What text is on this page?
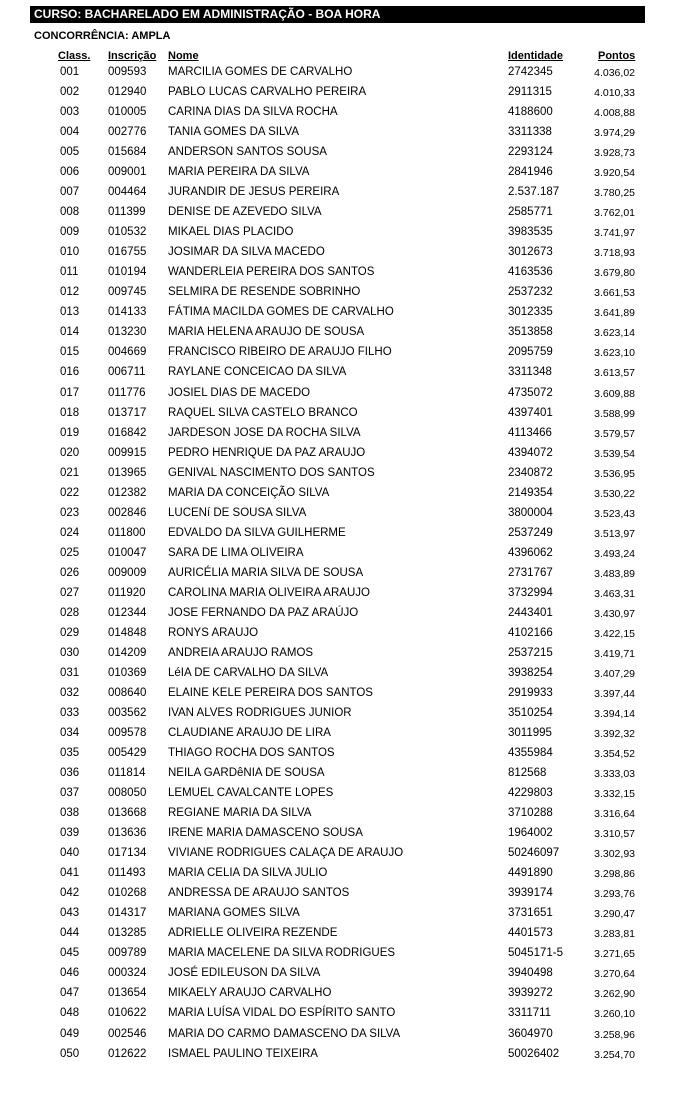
CURSO: BACHARELADO EM ADMINISTRAÇÃO - BOA HORA
CONCORRÊNCIA: AMPLA
Class. Inscrição Nome	Identidade	Pontos
001	009593 MARCILIA GOMES DE CARVALHO	2742345	4.036,02
002	012940 PABLO LUCAS CARVALHO PEREIRA	2911315	4.010,33
003	010005 CARINA DIAS DA SILVA ROCHA	4188600	4.008,88
004	002776 TANIA GOMES DA SILVA	3311338	3.974,29
005	015684 ANDERSON SANTOS SOUSA	2293124	3.928,73
006	009001 MARIA PEREIRA DA SILVA	2841946	3.920,54
007	004464 JURANDIR DE JESUS PEREIRA	2.537.187	3.780,25
008	011399 DENISE DE AZEVEDO SILVA	2585771	3.762,01
009	010532 MIKAEL DIAS PLACIDO	3983535	3.741,97
010	016755 JOSIMAR DA SILVA MACEDO	3012673	3.718,93
011	010194 WANDERLEIA PEREIRA DOS SANTOS	4163536	3.679,80
012	009745 SELMIRA DE RESENDE SOBRINHO	2537232	3.661,53
013	014133 FÁTIMA MACILDA GOMES DE CARVALHO	3012335	3.641,89
014	013230 MARIA HELENA ARAUJO DE SOUSA	3513858	3.623,14
015	004669 FRANCISCO RIBEIRO DE ARAUJO FILHO	2095759	3.623,10
016	006711 RAYLANE CONCEICAO DA SILVA	3311348	3.613,57
017	011776 JOSIEL DIAS DE MACEDO	4735072	3.609,88
018	013717 RAQUEL SILVA CASTELO BRANCO	4397401	3.588,99
019	016842 JARDESON JOSE DA ROCHA SILVA	4113466	3.579,57
020	009915 PEDRO HENRIQUE DA PAZ ARAUJO	4394072	3.539,54
021	013965 GENIVAL NASCIMENTO DOS SANTOS	2340872	3.536,95
022	012382 MARIA DA CONCEIÇÃO SILVA	2149354	3.530,22
023	002846 LUCENí DE SOUSA SILVA	3800004	3.523,43
024	011800 EDVALDO DA SILVA GUILHERME	2537249	3.513,97
025	010047 SARA DE LIMA OLIVEIRA	4396062	3.493,24
026	009009 AURICÉLIA MARIA SILVA DE SOUSA	2731767	3.483,89
027	011920 CAROLINA MARIA OLIVEIRA ARAUJO	3732994	3.463,31
028	012344 JOSE FERNANDO DA PAZ ARAÚJO	2443401	3.430,97
029	014848 RONYS ARAUJO	4102166	3.422,15
030	014209 ANDREIA ARAUJO RAMOS	2537215	3.419,71
031	010369 LéIA DE CARVALHO DA SILVA	3938254	3.407,29
032	008640 ELAINE KELE PEREIRA DOS SANTOS	2919933	3.397,44
033	003562 IVAN ALVES RODRIGUES JUNIOR	3510254	3.394,14
034	009578 CLAUDIANE ARAUJO DE LIRA	3011995	3.392,32
035	005429 THIAGO ROCHA DOS SANTOS	4355984	3.354,52
036	011814 NEILA GARDêNIA DE SOUSA	812568	3.333,03
037	008050 LEMUEL CAVALCANTE LOPES	4229803	3.332,15
038	013668 REGIANE MARIA DA SILVA	3710288	3.316,64
039	013636 IRENE MARIA DAMASCENO SOUSA	1964002	3.310,57
040	017134 VIVIANE RODRIGUES CALAÇA DE ARAUJO	50246097	3.302,93
041	011493 MARIA CELIA DA SILVA JULIO	4491890	3.298,86
042	010268 ANDRESSA DE ARAUJO SANTOS	3939174	3.293,76
043	014317 MARIANA GOMES SILVA	3731651	3.290,47
044	013285 ADRIELLE OLIVEIRA REZENDE	4401573	3.283,81
045	009789 MARIA MACELENE DA SILVA RODRIGUES	5045171-5	3.271,65
046	000324 JOSÉ EDILEUSON DA SILVA	3940498	3.270,64
047	013654 MIKAELY ARAUJO CARVALHO	3939272	3.262,90
048	010622 MARIA LUÍSA VIDAL DO ESPÍRITO SANTO	3311711	3.260,10
049	002546 MARIA DO CARMO DAMASCENO DA SILVA	3604970	3.258,96
050	012622 ISMAEL PAULINO TEIXEIRA	50026402	3.254,70
